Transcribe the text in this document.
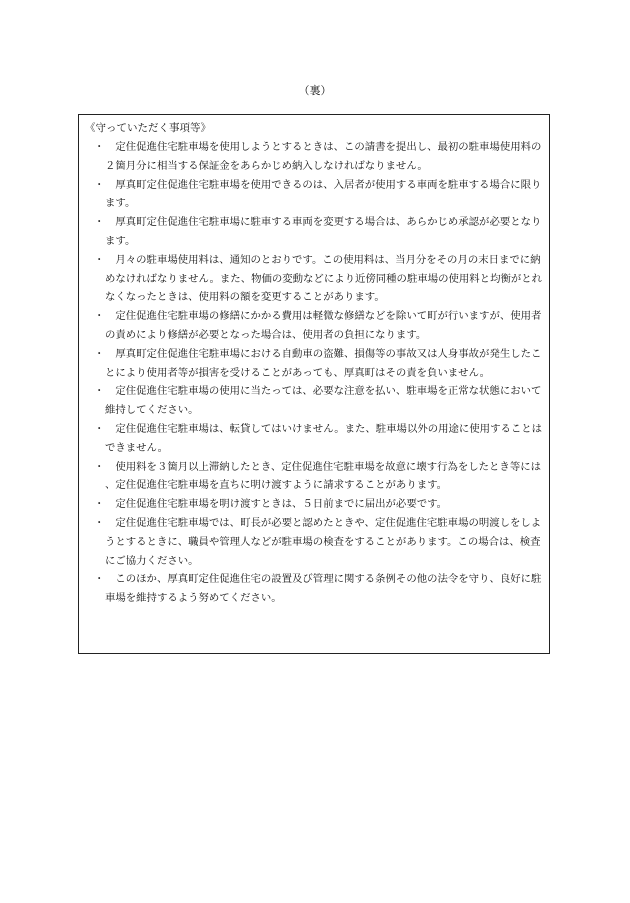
（裏）
《守っていただく事項等》
・ 定住促進住宅駐車場を使用しようとするときは、この請書を提出し、最初の駐車場使用料の２箇月分に相当する保証金をあらかじめ納入しなければなりません。
・ 厚真町定住促進住宅駐車場を使用できるのは、入居者が使用する車両を駐車する場合に限ります。
・ 厚真町定住促進住宅駐車場に駐車する車両を変更する場合は、あらかじめ承認が必要となります。
・ 月々の駐車場使用料は、通知のとおりです。この使用料は、当月分をその月の末日までに納めなければなりません。また、物価の変動などにより近傍同種の駐車場の使用料と均衡がとれなくなったときは、使用料の額を変更することがあります。
・ 定住促進住宅駐車場の修繕にかかる費用は軽微な修繕などを除いて町が行いますが、使用者の責めにより修繕が必要となった場合は、使用者の負担になります。
・ 厚真町定住促進住宅駐車場における自動車の盗難、損傷等の事故又は人身事故が発生したことにより使用者等が損害を受けることがあっても、厚真町はその責を負いません。
・ 定住促進住宅駐車場の使用に当たっては、必要な注意を払い、駐車場を正常な状態において維持してください。
・ 定住促進住宅駐車場は、転貸してはいけません。また、駐車場以外の用途に使用することはできません。
・ 使用料を３箇月以上滞納したとき、定住促進住宅駐車場を故意に壊す行為をしたとき等には、定住促進住宅駐車場を直ちに明け渡すように請求することがあります。
・ 定住促進住宅駐車場を明け渡すときは、５日前までに届出が必要です。
・ 定住促進住宅駐車場では、町長が必要と認めたときや、定住促進住宅駐車場の明渡しをしようとするときに、職員や管理人などが駐車場の検査をすることがあります。この場合は、検査にご協力ください。
・ このほか、厚真町定住促進住宅の設置及び管理に関する条例その他の法令を守り、良好に駐車場を維持するよう努めてください。
